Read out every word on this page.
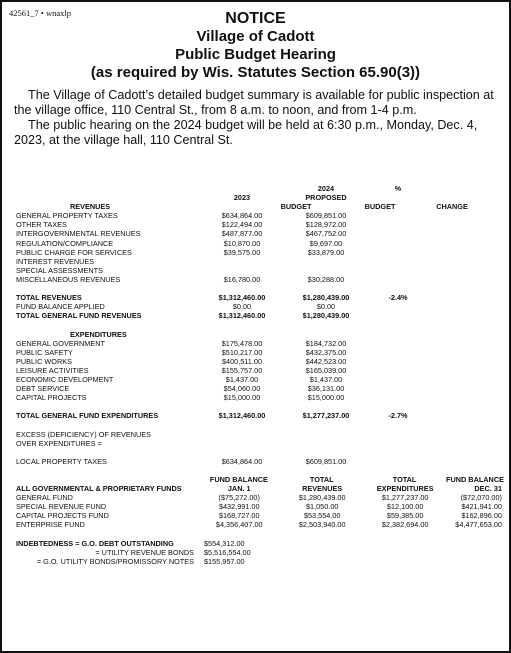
42561_7 • wnaxlp	NOTICE
Village of Cadott
Public Budget Hearing
(as required by Wis. Statutes Section 65.90(3))

The Village of Cadott’s detailed budget summary is available for public inspection at the village office, 110 Central St., from 8 a.m. to noon, and from 1-4 p.m.

The public hearing on the 2024 budget will be held at 6:30 p.m., Monday, Dec. 4, 2023, at the village hall, 110 Central St.

2024	%
2023	PROPOSED
REVENUES	BUDGET	BUDGET	CHANGE
GENERAL PROPERTY TAXES	$634,864.00	$609,851.00
OTHER TAXES	$122,494.00	$128,972.00
INTERGOVERNMENTAL REVENUES	$487,877.00	$467,752.00
REGULATION/COMPLIANCE	$10,870.00	$9,697.00
PUBLIC CHARGE FOR SERVICES	$39,575.00	$33,879.00
INTEREST REVENUES
SPECIAL ASSESSMENTS
MISCELLANEOUS REVENUES	$16,780.00	$30,288.00
TOTAL REVENUES	$1,312,460.00	$1,280,439.00	-2.4%
FUND BALANCE APPLIED	$0.00	$0.00
TOTAL GENERAL FUND REVENUES	$1,312,460.00	$1,280,439.00
EXPENDITURES
GENERAL GOVERNMENT	$175,478.00	$184,732.00
PUBLIC SAFETY	$510,217.00	$432,375.00
PUBLIC WORKS	$400,511.00	$442,523.00
LEISURE ACTIVITIES	$155,757.00	$165,039.00
ECONOMIC DEVELOPMENT	$1,437.00	$1,437.00
DEBT SERVICE	$54,060.00	$36,131.00
CAPITAL PROJECTS	$15,000.00	$15,000.00
TOTAL GENERAL FUND EXPENDITURES	$1,312,460.00	$1,277,237.00	-2.7%
EXCESS (DEFICIENCY) OF REVENUES
OVER EXPENDITURES =
LOCAL PROPERTY TAXES	$634,864.00	$609,851.00
FUND BALANCE	TOTAL	TOTAL	FUND BALANCE
ALL GOVERNMENTAL & PROPRIETARY FUNDS	JAN. 1	REVENUES	EXPENDITURES	DEC. 31
GENERAL FUND	($75,272.00)	$1,280,439.00	$1,277,237.00	($72,070.00)
SPECIAL REVENUE FUND	$432,991.00	$1,050.00	$12,100.00	$421,941.00
CAPITAL PROJECTS FUND	$168,727.00	$53,554.00	$59,385.00	$162,896.00
ENTERPRISE FUND	$4,356,407.00	$2,503,940.00	$2,382,694.00	$4,477,653.00
INDEBTEDNESS = G.O. DEBT OUTSTANDING	$554,312.00
= UTILITY REVENUE BONDS	$5,516,554.00
= G.O. UTILITY BONDS/PROMISSORY NOTES	$155,957.00
